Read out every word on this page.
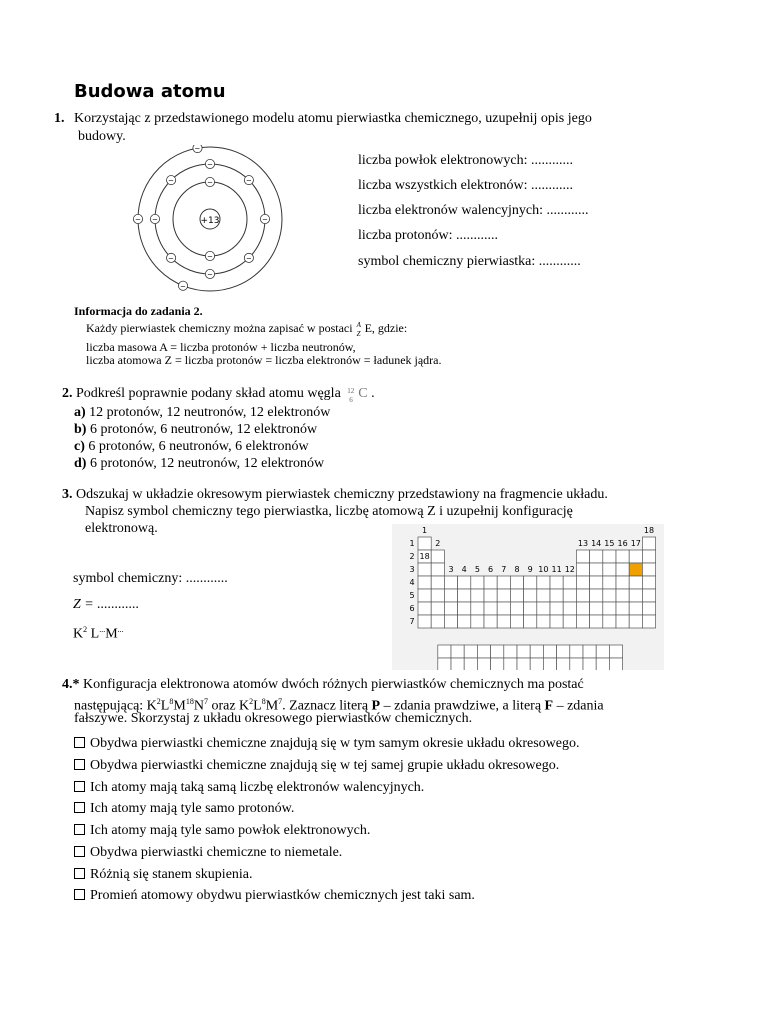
Budowa atomu
1. Korzystając z przedstawionego modelu atomu pierwiastka chemicznego, uzupełnij opis jego
budowy.
+13
−
−
−
−
−
−
−
−
−
−
−
−
−
liczba powłok elektronowych: ............
liczba wszystkich elektronów: ............
liczba elektronów walencyjnych: ............
liczba protonów: ............
symbol chemiczny pierwiastka: ............
Informacja do zadania 2.
Każdy pierwiastek chemiczny można zapisać w postaci A
Z E, gdzie:
liczba masowa A = liczba protonów + liczba neutronów,
liczba atomowa Z = liczba protonów = liczba elektronów = ładunek jądra.
2. Podkreśl poprawnie podany skład atomu węgla 12
6 C .
a) 12 protonów, 12 neutronów, 12 elektronów
b) 6 protonów, 6 neutronów, 12 elektronów
c) 6 protonów, 6 neutronów, 6 elektronów
d) 6 protonów, 12 neutronów, 12 elektronów
3. Odszukaj w układzie okresowym pierwiastek chemiczny przedstawiony na fragmencie układu.
Napisz symbol chemiczny tego pierwiastka, liczbę atomową Z i uzupełnij konfigurację
elektronową.
symbol chemiczny: ............
Z = ............
$K^2$ L...M...
1
2
3
4
5
6
7
1
18
18
2
3 4 5 6 7 8 9 10 11 12
13 14 15 16 17
4.* Konfiguracja elektronowa atomów dwóch różnych pierwiastków chemicznych ma postać
następującą: $K^2L^8M^{18}N^7$ oraz $K^2L^8M^7$. Zaznacz literą P – zdania prawdziwe, a literą F – zdania
fałszywe. Skorzystaj z układu okresowego pierwiastków chemicznych.
Obydwa pierwiastki chemiczne znajdują się w tym samym okresie układu okresowego.
Obydwa pierwiastki chemiczne znajdują się w tej samej grupie układu okresowego.
Ich atomy mają taką samą liczbę elektronów walencyjnych.
Ich atomy mają tyle samo protonów.
Ich atomy mają tyle samo powłok elektronowych.
Obydwa pierwiastki chemiczne to niemetale.
Różnią się stanem skupienia.
Promień atomowy obydwu pierwiastków chemicznych jest taki sam.
